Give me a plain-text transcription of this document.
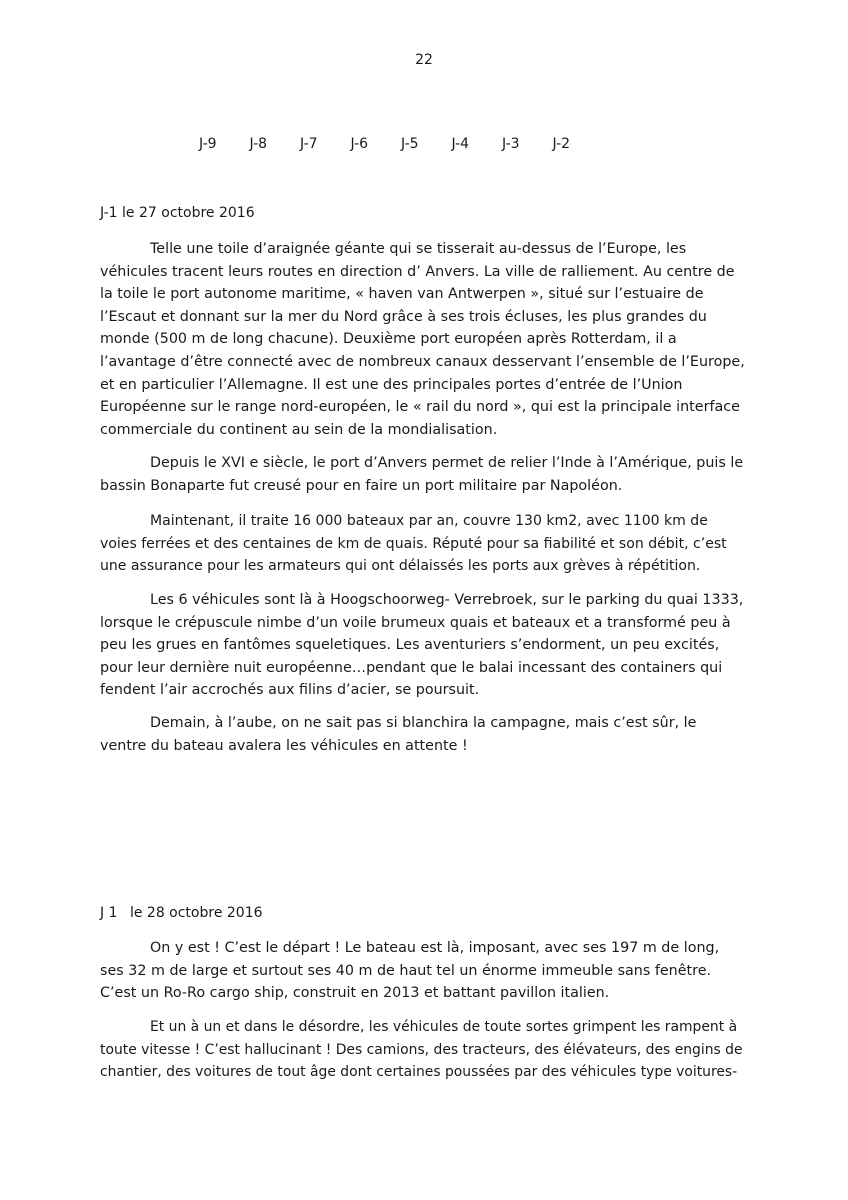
22
J-9 J-8 J-7 J-6 J-5 J-4 J-3 J-2
J-1 le 27 octobre 2016

Telle une toile d’araignée géante qui se tisserait au-dessus de l’Europe, les véhicules tracent leurs routes en direction d’ Anvers. La ville de ralliement. Au centre de la toile le port autonome maritime, « haven van Antwerpen », situé sur l’estuaire de l’Escaut et donnant sur la mer du Nord grâce à ses trois écluses, les plus grandes du monde (500 m de long chacune). Deuxième port européen après Rotterdam, il a l’avantage d’être connecté avec de nombreux canaux desservant l’ensemble de l’Europe, et en particulier l’Allemagne. Il est une des principales portes d’entrée de l’Union Européenne sur le range nord-européen, le « rail du nord », qui est la principale interface commerciale du continent au sein de la mondialisation.

Depuis le XVI e siècle, le port d’Anvers permet de relier l’Inde à l’Amérique, puis le bassin Bonaparte fut creusé pour en faire un port militaire par Napoléon.

Maintenant, il traite 16 000 bateaux par an, couvre 130 km2, avec 1100 km de voies ferrées et des centaines de km de quais. Réputé pour sa fiabilité et son débit, c’est une assurance pour les armateurs qui ont délaissés les ports aux grèves à répétition.

Les 6 véhicules sont là à Hoogschoorweg- Verrebroek, sur le parking du quai 1333, lorsque le crépuscule nimbe d’un voile brumeux quais et bateaux et a transformé peu à peu les grues en fantômes squeletiques. Les aventuriers s’endorment, un peu excités, pour leur dernière nuit européenne…pendant que le balai incessant des containers qui fendent l’air accrochés aux filins d’acier, se poursuit.

Demain, à l’aube, on ne sait pas si blanchira la campagne, mais c’est sûr, le ventre du bateau avalera les véhicules en attente !

J 1 le 28 octobre 2016

On y est ! C’est le départ ! Le bateau est là, imposant, avec ses 197 m de long, ses 32 m de large et surtout ses 40 m de haut tel un énorme immeuble sans fenêtre. C’est un Ro-Ro cargo ship, construit en 2013 et battant pavillon italien.

Et un à un et dans le désordre, les véhicules de toute sortes grimpent les rampent à toute vitesse ! C’est hallucinant ! Des camions, des tracteurs, des élévateurs, des engins de chantier, des voitures de tout âge dont certaines poussées par des véhicules type voitures-
